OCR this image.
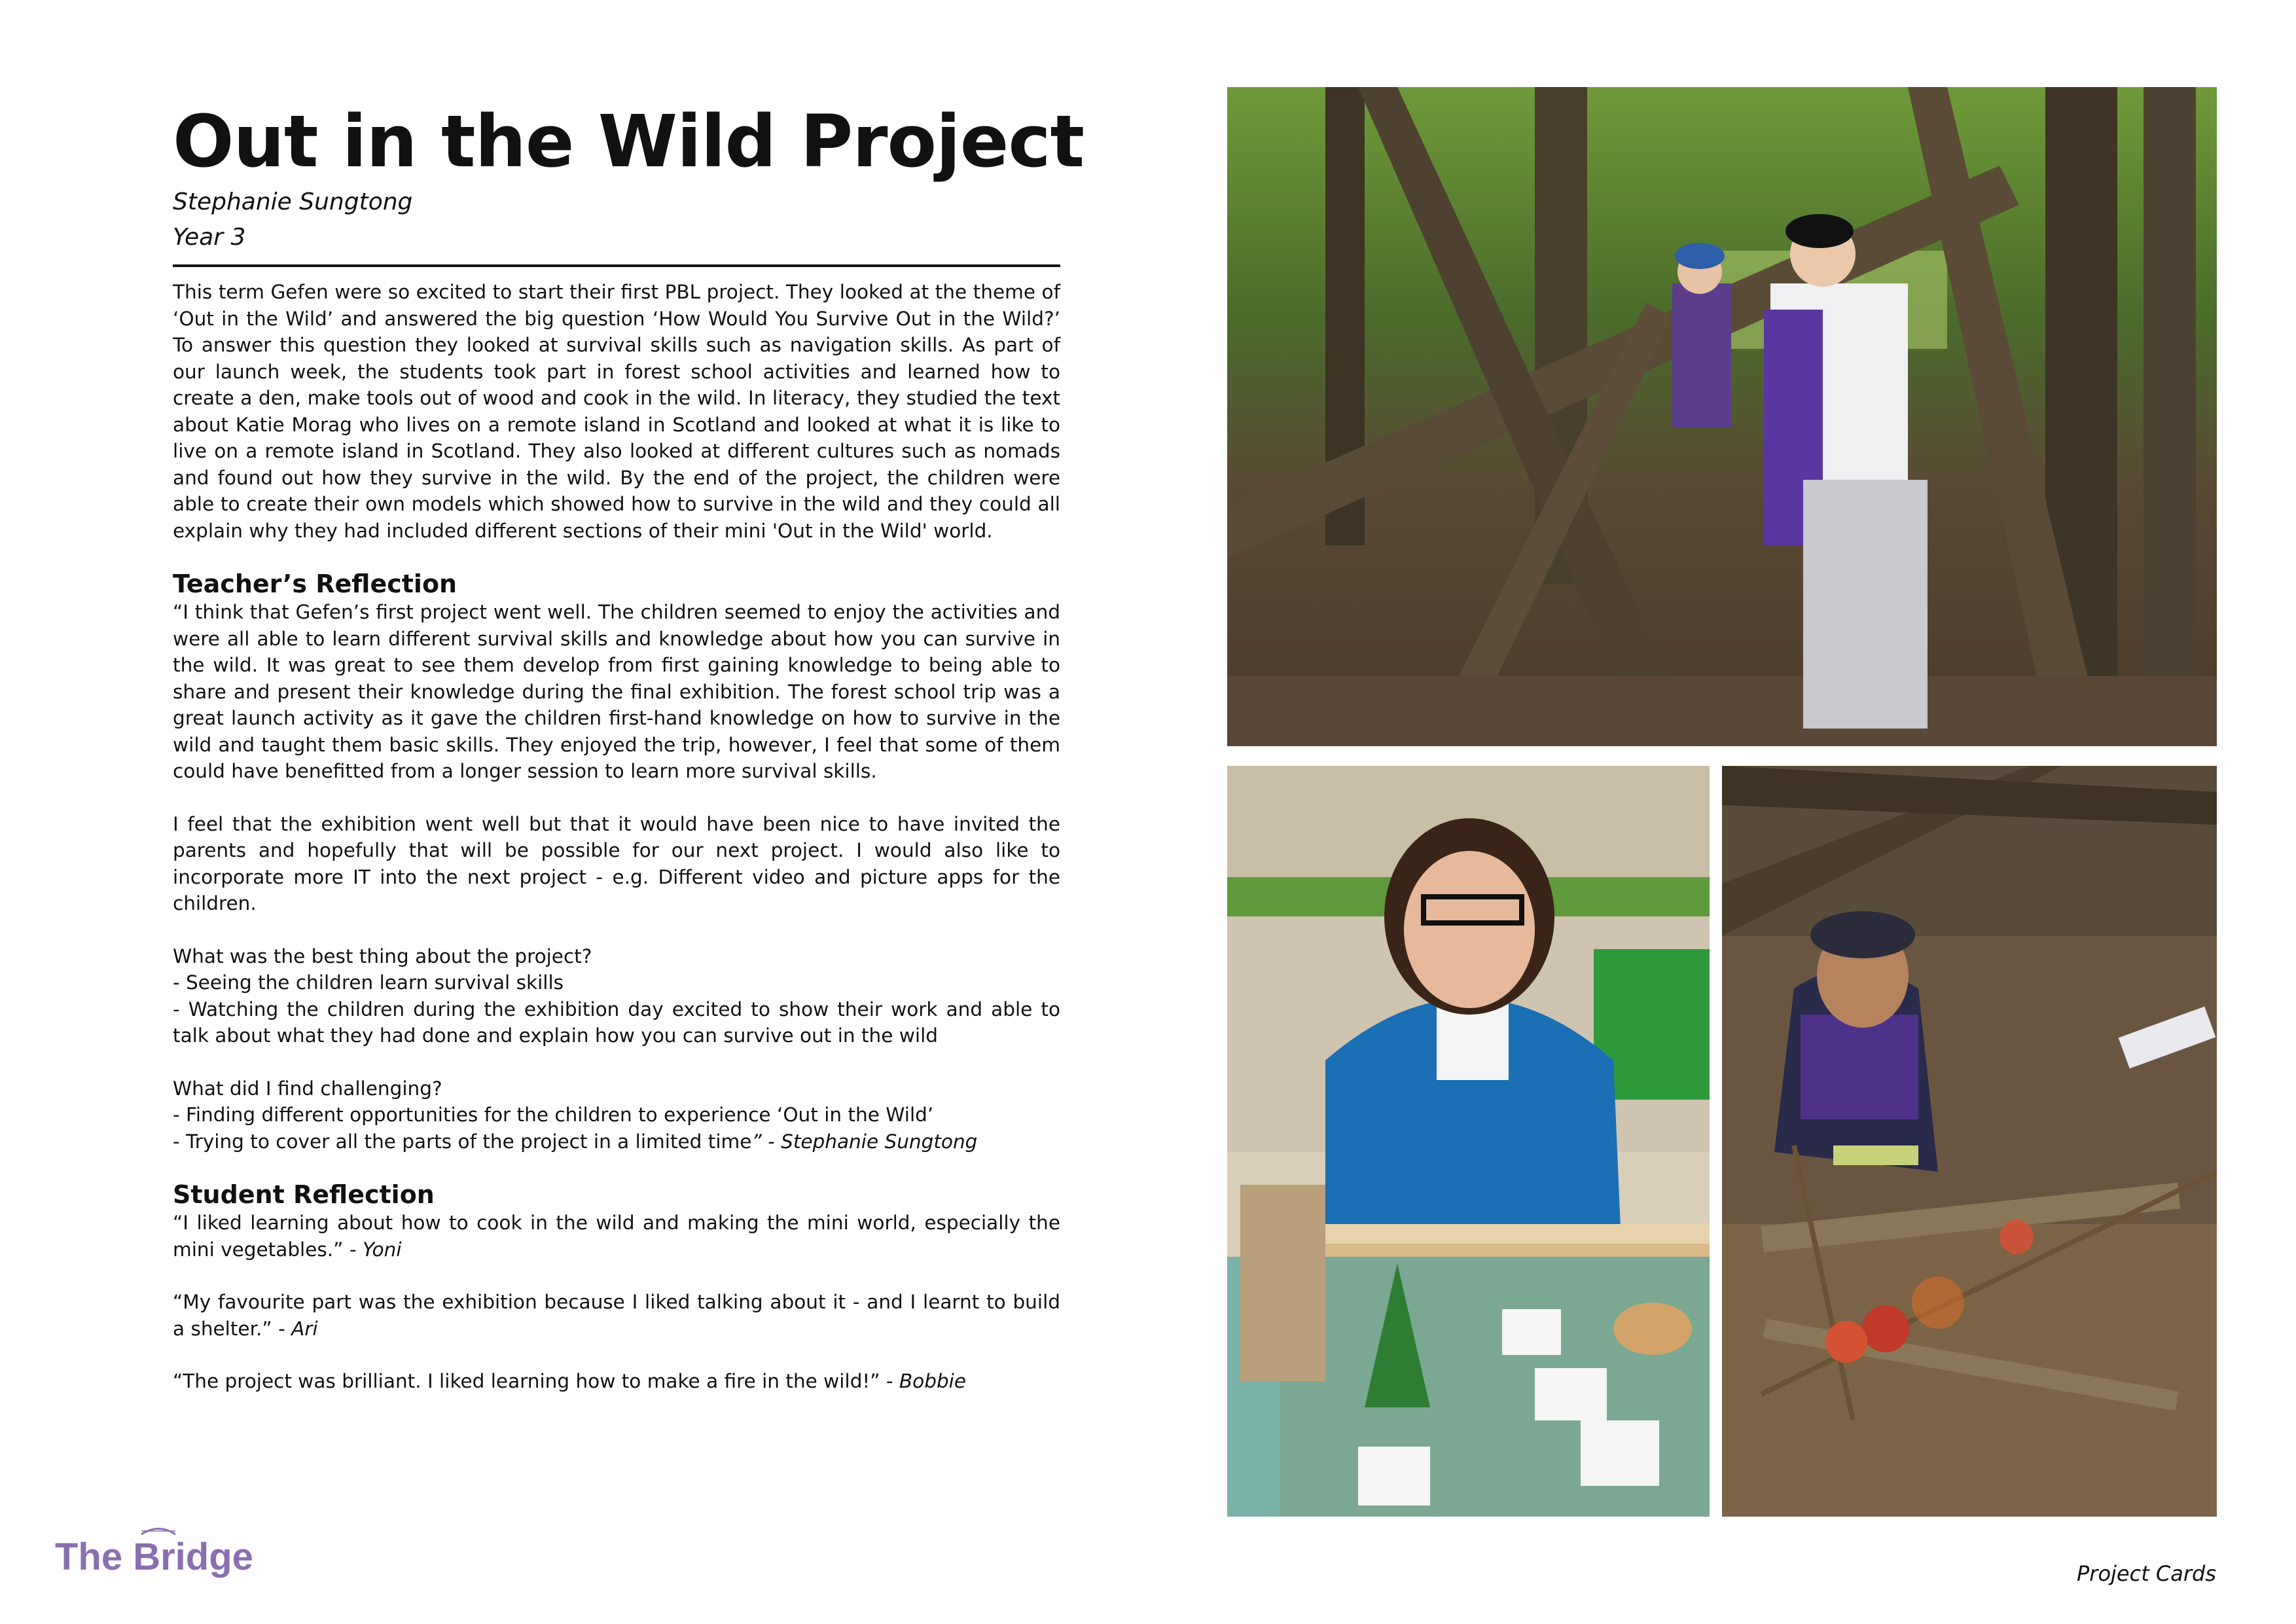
Out in the Wild Project
Stephanie Sungtong
Year 3

This term Gefen were so excited to start their first PBL project. They looked at the theme of ‘Out in the Wild’ and answered the big question ‘How Would You Survive Out in the Wild?’ To answer this question they looked at survival skills such as navigation skills. As part of our launch week, the students took part in forest school activities and learned how to create a den, make tools out of wood and cook in the wild. In literacy, they studied the text about Katie Morag who lives on a remote island in Scotland and looked at what it is like to live on a remote island in Scotland. They also looked at different cultures such as nomads and found out how they survive in the wild. By the end of the project, the children were able to create their own models which showed how to survive in the wild and they could all explain why they had included different sections of their mini 'Out in the Wild' world.

Teacher’s Reflection

“I think that Gefen’s first project went well. The children seemed to enjoy the activities and were all able to learn different survival skills and knowledge about how you can survive in the wild. It was great to see them develop from first gaining knowledge to being able to share and present their knowledge during the final exhibition. The forest school trip was a great launch activity as it gave the children first-hand knowledge on how to survive in the wild and taught them basic skills. They enjoyed the trip, however, I feel that some of them could have benefitted from a longer session to learn more survival skills.

I feel that the exhibition went well but that it would have been nice to have invited the parents and hopefully that will be possible for our next project. I would also like to incorporate more IT into the next project - e.g. Different video and picture apps for the children.

What was the best thing about the project?
- Seeing the children learn survival skills
- Watching the children during the exhibition day excited to show their work and able to talk about what they had done and explain how you can survive out in the wild
What did I find challenging?
- Finding different opportunities for the children to experience ‘Out in the Wild’
- Trying to cover all the parts of the project in a limited time” - Stephanie Sungtong
Student Reflection

“I liked learning about how to cook in the wild and making the mini world, especially the mini vegetables.” - Yoni

“My favourite part was the exhibition because I liked talking about it - and I learnt to build a shelter.” - Ari

“The project was brilliant. I liked learning how to make a fire in the wild!” - Bobbie

The Bridge	Project Cards
